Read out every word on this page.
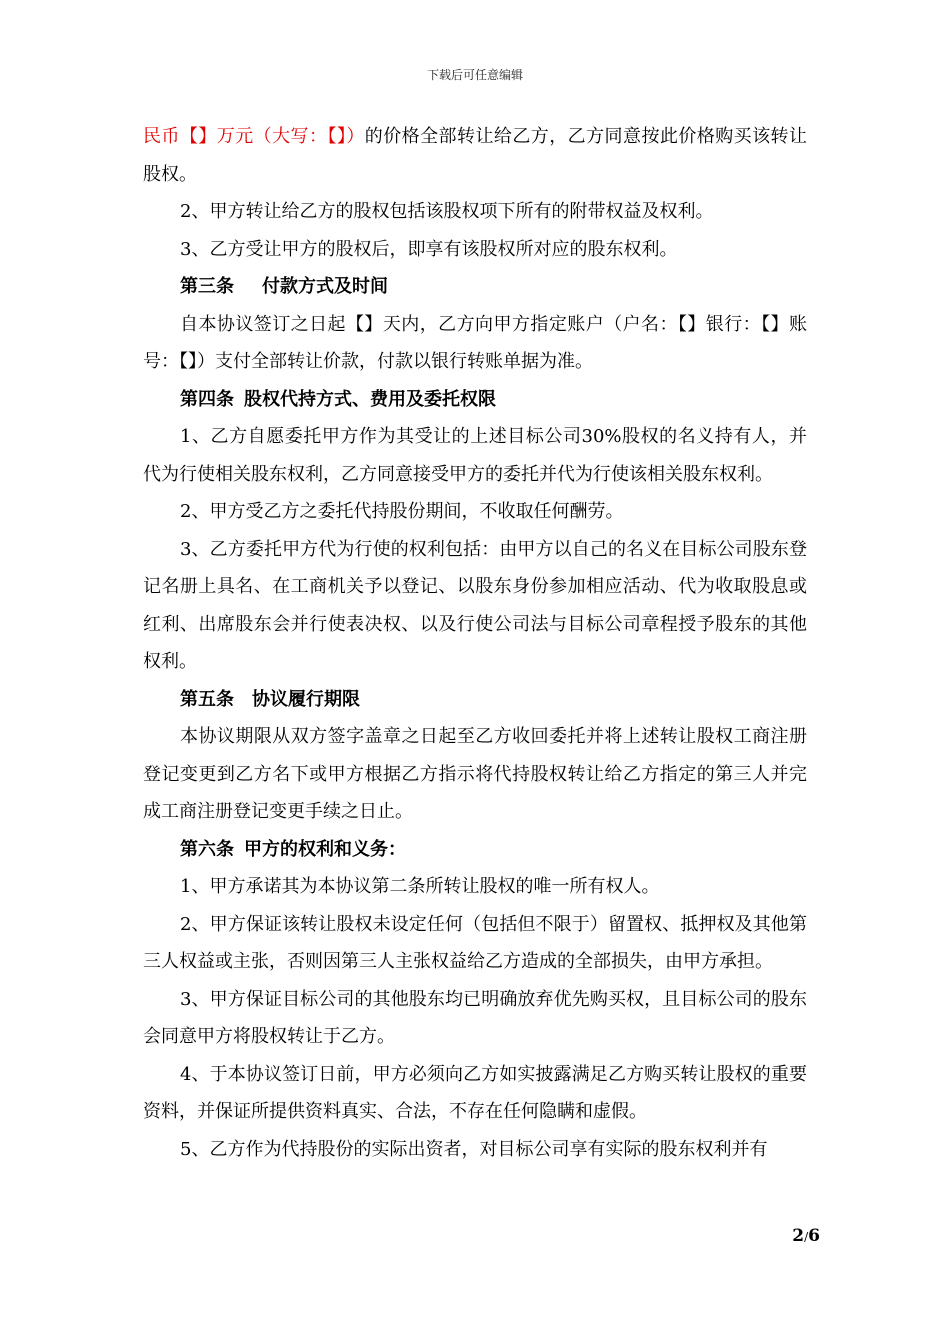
下载后可任意编辑

民币【】万元（大写：【】）的价格全部转让给乙方，乙方同意按此价格购买该转让股权。

2、甲方转让给乙方的股权包括该股权项下所有的附带权益及权利。

3、乙方受让甲方的股权后，即享有该股权所对应的股东权利。

第三条 付款方式及时间

自本协议签订之日起【】天内，乙方向甲方指定账户（户名：【】银行：【】账号：【】）支付全部转让价款，付款以银行转账单据为准。

第四条 股权代持方式、费用及委托权限

1、乙方自愿委托甲方作为其受让的上述目标公司30%股权的名义持有人，并代为行使相关股东权利，乙方同意接受甲方的委托并代为行使该相关股东权利。

2、甲方受乙方之委托代持股份期间，不收取任何酬劳。

3、乙方委托甲方代为行使的权利包括：由甲方以自己的名义在目标公司股东登记名册上具名、在工商机关予以登记、以股东身份参加相应活动、代为收取股息或红利、出席股东会并行使表决权、以及行使公司法与目标公司章程授予股东的其他权利。

第五条 协议履行期限

本协议期限从双方签字盖章之日起至乙方收回委托并将上述转让股权工商注册登记变更到乙方名下或甲方根据乙方指示将代持股权转让给乙方指定的第三人并完成工商注册登记变更手续之日止。

第六条 甲方的权利和义务：

1、甲方承诺其为本协议第二条所转让股权的唯一所有权人。

2、甲方保证该转让股权未设定任何（包括但不限于）留置权、抵押权及其他第三人权益或主张，否则因第三人主张权益给乙方造成的全部损失，由甲方承担。

3、甲方保证目标公司的其他股东均已明确放弃优先购买权，且目标公司的股东会同意甲方将股权转让于乙方。

4、于本协议签订日前，甲方必须向乙方如实披露满足乙方购买转让股权的重要资料，并保证所提供资料真实、合法，不存在任何隐瞒和虚假。

5、乙方作为代持股份的实际出资者，对目标公司享有实际的股东权利并有

2/6
